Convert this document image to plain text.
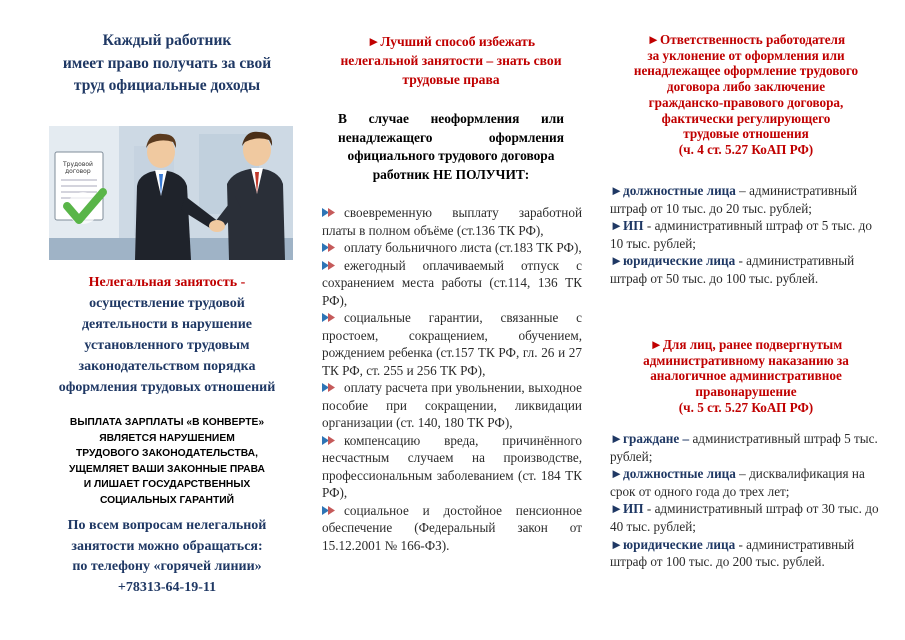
Каждый работник
имеет право получать за свой
труд официальные доходы
Трудовой
договор
Нелегальная занятость -
осуществление трудовой
деятельности в нарушение
установленного трудовым
законодательством порядка
оформления трудовых отношений
ВЫПЛАТА ЗАРПЛАТЫ «В КОНВЕРТЕ»
ЯВЛЯЕТСЯ НАРУШЕНИЕМ
ТРУДОВОГО ЗАКОНОДАТЕЛЬСТВА,
УЩЕМЛЯЕТ ВАШИ ЗАКОННЫЕ ПРАВА
И ЛИШАЕТ ГОСУДАРСТВЕННЫХ
СОЦИАЛЬНЫХ ГАРАНТИЙ
По всем вопросам нелегальной
занятости можно обращаться:
по телефону «горячей линии»
+78313-64-19-11
►Лучший способ избежать
нелегальной занятости – знать свои
трудовые права
В случае неоформления или
ненадлежащего	оформления
официального трудового договора
работник НЕ ПОЛУЧИТ:

своевременную выплату заработной платы в полном объёме (ст.136 ТК РФ),

оплату больничного листа (ст.183 ТК РФ),

ежегодный оплачиваемый отпуск с сохранением места работы (ст.114, 136 ТК РФ),

социальные гарантии, связанные с простоем, сокращением, обучением, рождением ребенка (ст.157 ТК РФ, гл. 26 и 27 ТК РФ, ст. 255 и 256 ТК РФ),

оплату расчета при увольнении, выходное пособие при сокращении, ликвидации организации (ст. 140, 180 ТК РФ),

компенсацию вреда, причинённого несчастным случаем на производстве, профессиональным заболеванием (ст. 184 ТК РФ),

социальное и достойное пенсионное обеспечение (Федеральный закон от 15.12.2001 № 166-ФЗ).

►Ответственность работодателя
за уклонение от оформления или
ненадлежащее оформление трудового
договора либо заключение
гражданско-правового договора,
фактически регулирующего
трудовые отношения
(ч. 4 ст. 5.27 КоАП РФ)

►должностные лица – административный штраф от 10 тыс. до 20 тыс. рублей;

►ИП - административный штраф от 5 тыс. до 10 тыс. рублей;

►юридические лица - административный штраф от 50 тыс. до 100 тыс. рублей.

►Для лиц, ранее подвергнутым
административному наказанию за
аналогичное административное
правонарушение
(ч. 5 ст. 5.27 КоАП РФ)

►граждане – административный штраф 5 тыс. рублей;

►должностные лица – дисквалификация на срок от одного года до трех лет;

►ИП - административный штраф от 30 тыс. до 40 тыс. рублей;

►юридические лица - административный штраф от 100 тыс. до 200 тыс. рублей.
